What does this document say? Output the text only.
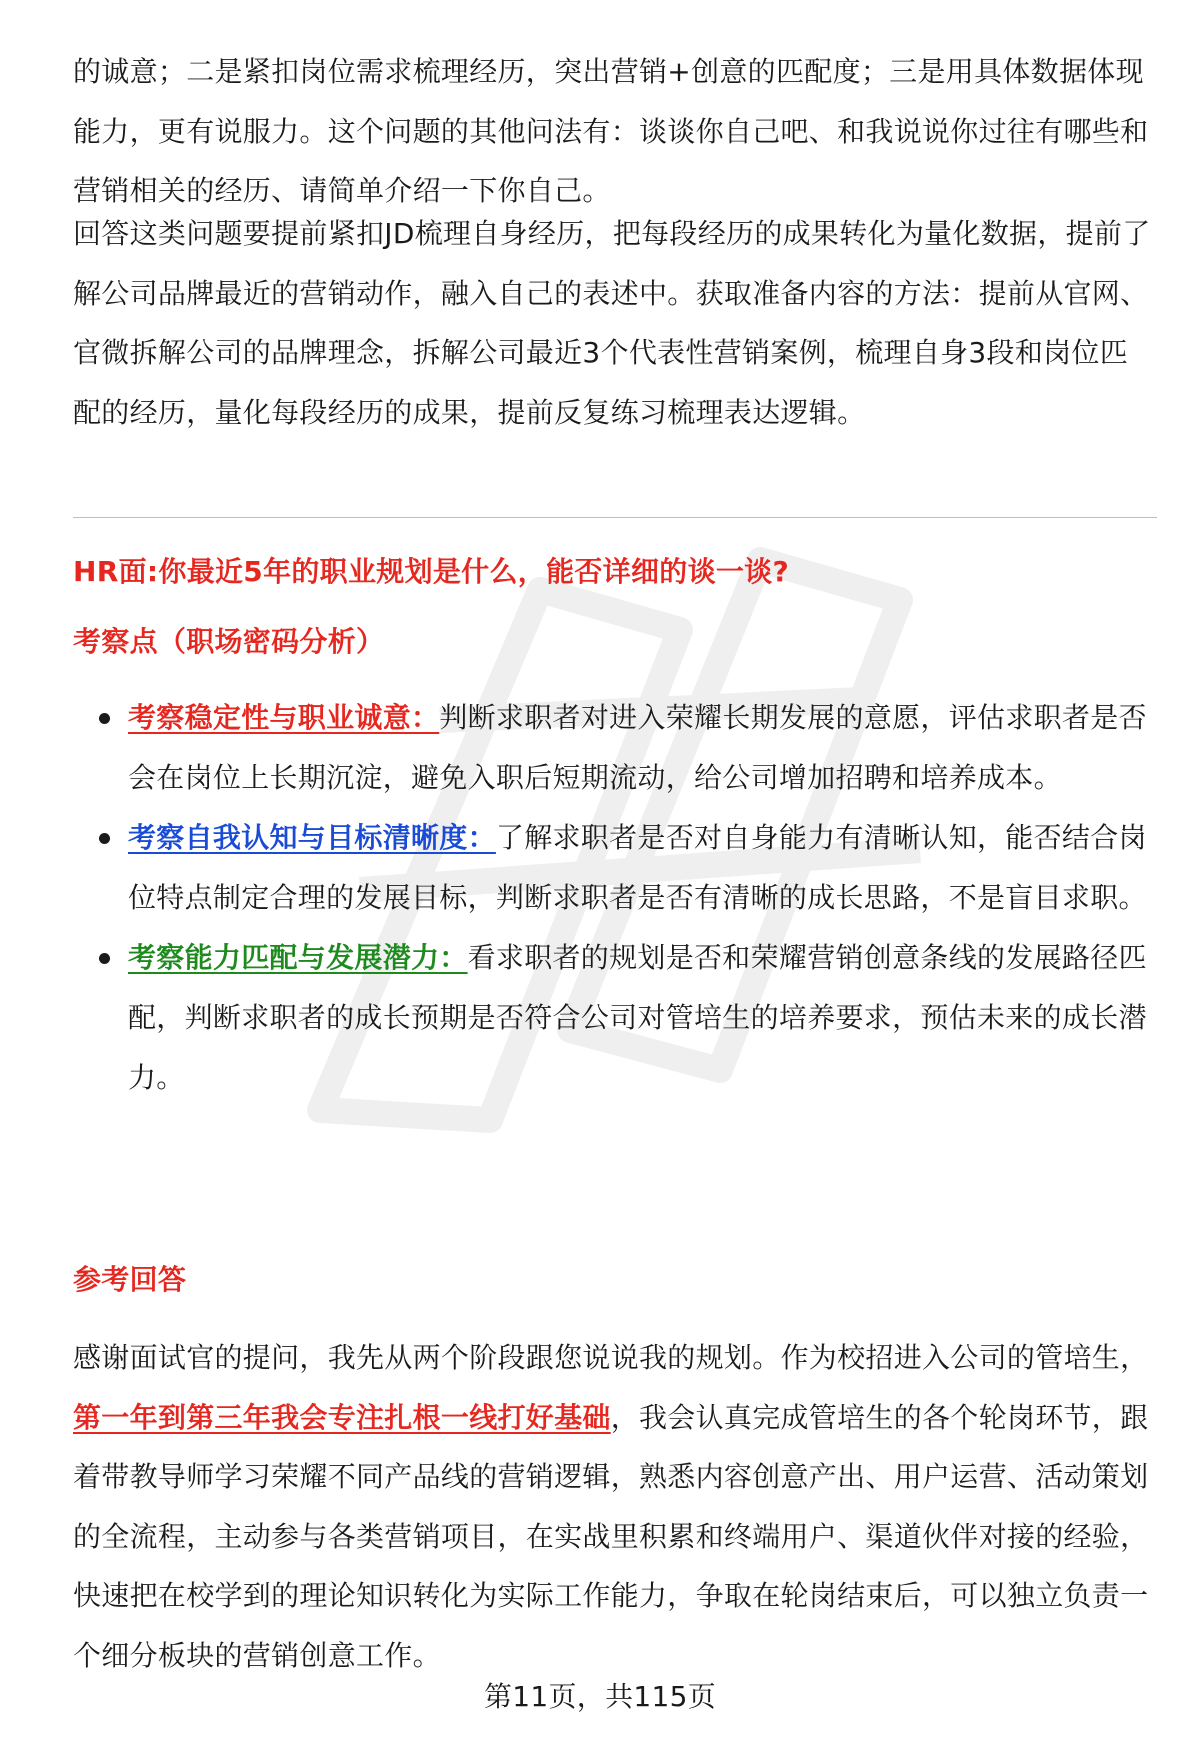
的诚意；二是紧扣岗位需求梳理经历，突出营销+创意的匹配度；三是用具体数据体现能力，更有说服力。这个问题的其他问法有：谈谈你自己吧、和我说说你过往有哪些和营销相关的经历、请简单介绍一下你自己。

回答这类问题要提前紧扣JD梳理自身经历，把每段经历的成果转化为量化数据，提前了解公司品牌最近的营销动作，融入自己的表述中。获取准备内容的方法：提前从官网、官微拆解公司的品牌理念，拆解公司最近3个代表性营销案例，梳理自身3段和岗位匹配的经历，量化每段经历的成果，提前反复练习梳理表达逻辑。

HR面:你最近5年的职业规划是什么，能否详细的谈一谈?
考察点（职场密码分析）
考察稳定性与职业诚意：判断求职者对进入荣耀长期发展的意愿，评估求职者是否会在岗位上长期沉淀，避免入职后短期流动，给公司增加招聘和培养成本。
考察自我认知与目标清晰度：了解求职者是否对自身能力有清晰认知，能否结合岗位特点制定合理的发展目标，判断求职者是否有清晰的成长思路，不是盲目求职。
考察能力匹配与发展潜力：看求职者的规划是否和荣耀营销创意条线的发展路径匹配，判断求职者的成长预期是否符合公司对管培生的培养要求，预估未来的成长潜力。
参考回答

感谢面试官的提问，我先从两个阶段跟您说说我的规划。作为校招进入公司的管培生，第一年到第三年我会专注扎根一线打好基础，我会认真完成管培生的各个轮岗环节，跟着带教导师学习荣耀不同产品线的营销逻辑，熟悉内容创意产出、用户运营、活动策划的全流程，主动参与各类营销项目，在实战里积累和终端用户、渠道伙伴对接的经验，快速把在校学到的理论知识转化为实际工作能力，争取在轮岗结束后，可以独立负责一个细分板块的营销创意工作。

第11页，共115页
